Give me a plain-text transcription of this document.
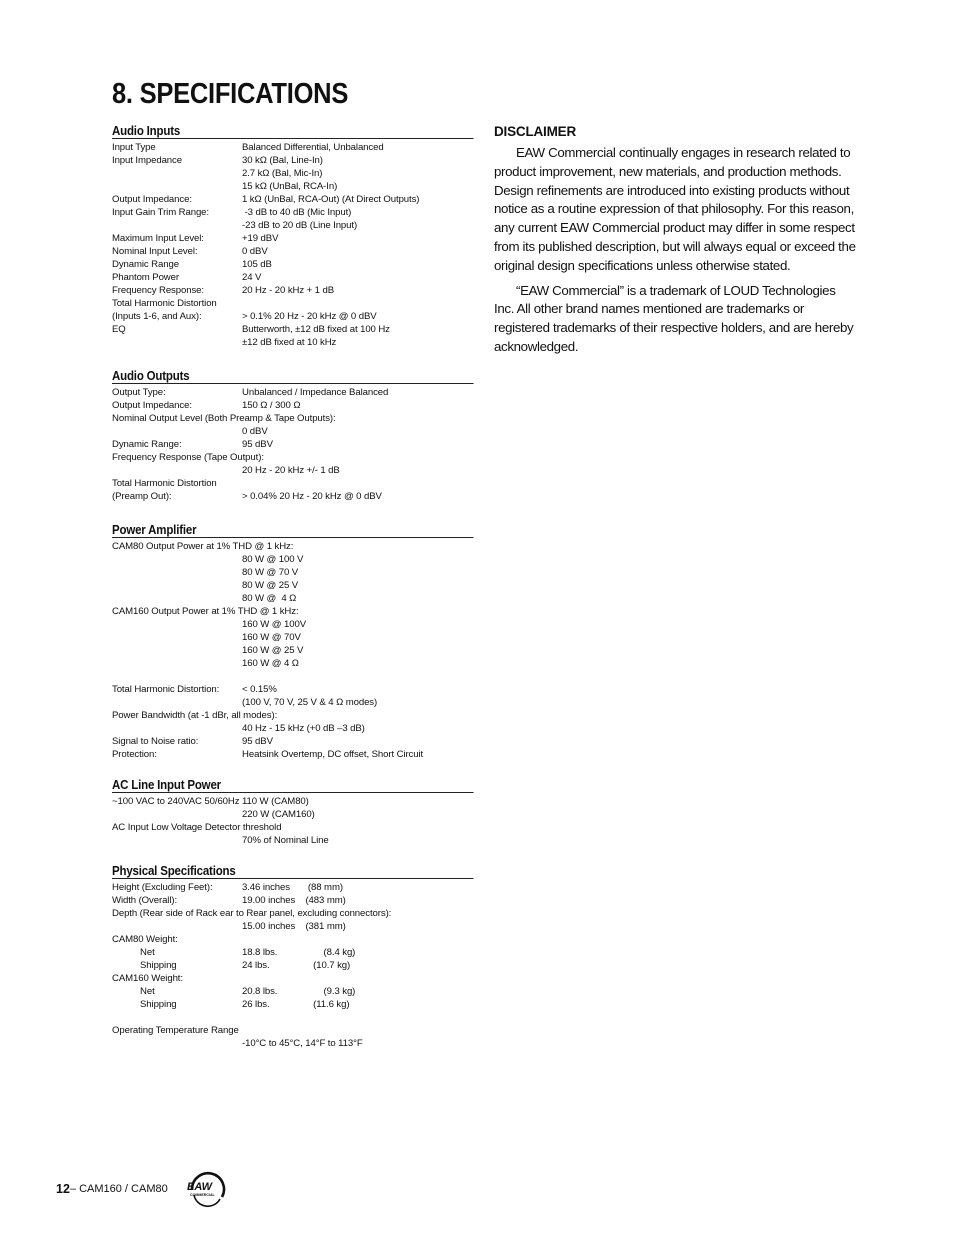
8. SPECIFICATIONS
Audio Inputs
Input Type	Balanced Differential, Unbalanced
Input Impedance	30 kΩ (Bal, Line-In)
2.7 kΩ (Bal, Mic-In)
15 kΩ (UnBal, RCA-In)
Output Impedance:	1 kΩ (UnBal, RCA-Out) (At Direct Outputs)
Input Gain Trim Range:	-3 dB to 40 dB (Mic Input)
-23 dB to 20 dB (Line Input)
Maximum Input Level:	+19 dBV
Nominal Input Level:	0 dBV
Dynamic Range	105 dB
Phantom Power	24 V
Frequency Response:	20 Hz - 20 kHz + 1 dB
Total Harmonic Distortion
(Inputs 1-6, and Aux):	> 0.1% 20 Hz - 20 kHz @ 0 dBV
EQ	Butterworth, ±12 dB fixed at 100 Hz
±12 dB fixed at 10 kHz
Audio Outputs
Output Type:	Unbalanced / Impedance Balanced
Output Impedance:	150 Ω / 300 Ω
Nominal Output Level (Both Preamp & Tape Outputs):
0 dBV
Dynamic Range:	95 dBV
Frequency Response (Tape Output):
20 Hz - 20 kHz +/- 1 dB
Total Harmonic Distortion
(Preamp Out):	> 0.04% 20 Hz - 20 kHz @ 0 dBV
Power Amplifier
CAM80 Output Power at 1% THD @ 1 kHz:
80 W @ 100 V
80 W @ 70 V
80 W @ 25 V
80 W @  4 Ω
CAM160 Output Power at 1% THD @ 1 kHz:
160 W @ 100V
160 W @ 70V
160 W @ 25 V
160 W @ 4 Ω
Total Harmonic Distortion:	< 0.15%
(100 V, 70 V, 25 V & 4 Ω modes)
Power Bandwidth (at -1 dBr, all modes):
40 Hz - 15 kHz (+0 dB –3 dB)
Signal to Noise ratio:	95 dBV
Protection:	Heatsink Overtemp, DC offset, Short Circuit
AC Line Input Power
~100 VAC to 240VAC 50/60Hz 110 W (CAM80)
220 W (CAM160)
AC Input Low Voltage Detector threshold
70% of Nominal Line
Physical Specifications
Height (Excluding Feet):	3.46 inches       (88 mm)
Width (Overall):	19.00 inches    (483 mm)
Depth (Rear side of Rack ear to Rear panel, excluding connectors):
15.00 inches    (381 mm)
CAM80 Weight:
Net	18.8 lbs.                  (8.4 kg)
Shipping	24 lbs.                 (10.7 kg)
CAM160 Weight:
Net	20.8 lbs.                  (9.3 kg)
Shipping	26 lbs.                 (11.6 kg)
Operating Temperature Range
-10°C to 45°C, 14°F to 113°F
DISCLAIMER

EAW Commercial continually engages in research related to product improvement, new materials, and production methods. Design refinements are introduced into existing products without notice as a routine expression of that philosophy. For this reason, any current EAW Commercial product may differ in some respect from its published description, but will always equal or exceed the original design specifications unless otherwise stated.

“EAW Commercial” is a trademark of LOUD Technologies Inc. All other brand names mentioned are trademarks or registered trademarks of their respective holders, and are hereby acknowledged.

12 – CAM160 / CAM80 EAW
COMMERCIAL
